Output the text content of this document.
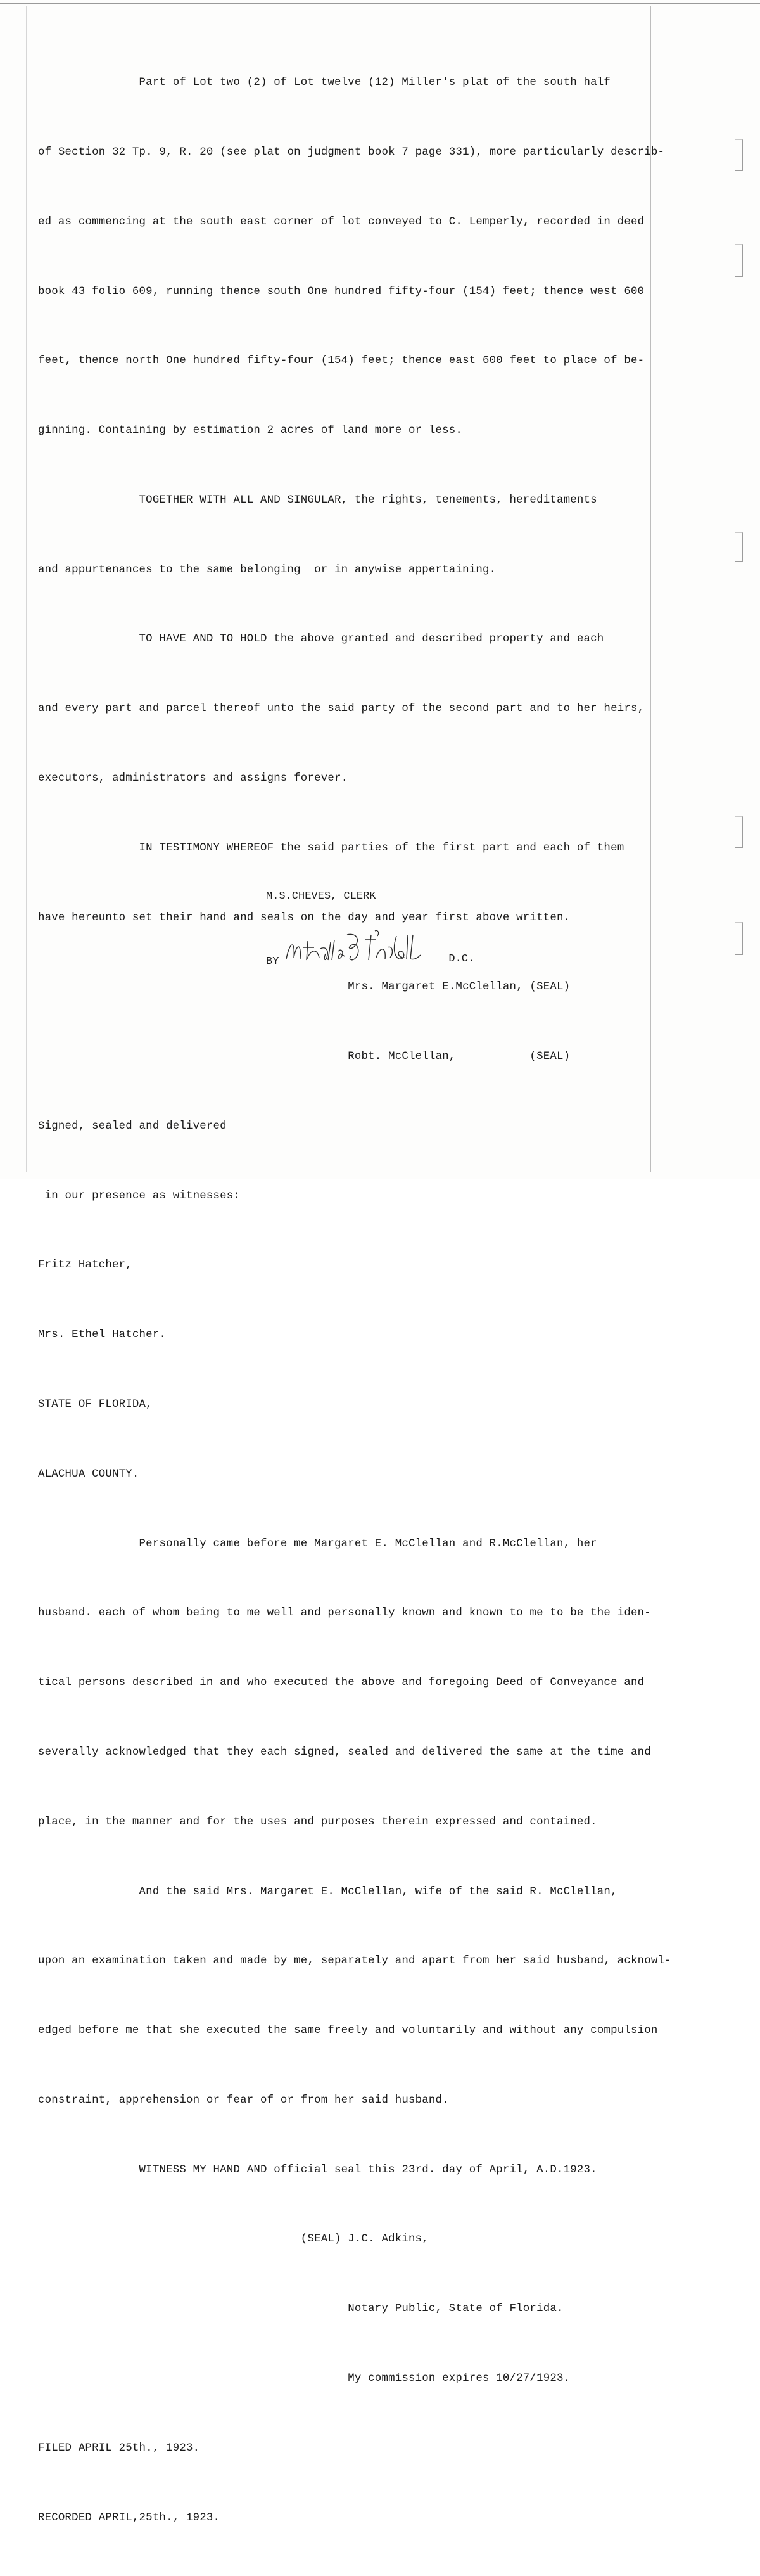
Part of Lot two (2) of Lot twelve (12) Miller's plat of the south half

of Section 32 Tp. 9, R. 20 (see plat on judgment book 7 page 331), more particularly describ-

ed as commencing at the south east corner of lot conveyed to C. Lemperly, recorded in deed

book 43 folio 609, running thence south One hundred fifty-four (154) feet; thence west 600

feet, thence north One hundred fifty-four (154) feet; thence east 600 feet to place of be-

ginning. Containing by estimation 2 acres of land more or less.

TOGETHER WITH ALL AND SINGULAR, the rights, tenements, hereditaments

and appurtenances to the same belonging  or in anywise appertaining.

TO HAVE AND TO HOLD the above granted and described property and each

and every part and parcel thereof unto the said party of the second part and to her heirs,

executors, administrators and assigns forever.

IN TESTIMONY WHEREOF the said parties of the first part and each of them

have hereunto set their hand and seals on the day and year first above written.

Mrs. Margaret E.McClellan, (SEAL)

Robt. McClellan,           (SEAL)

Signed, sealed and delivered

in our presence as witnesses:

Fritz Hatcher,

Mrs. Ethel Hatcher.

STATE OF FLORIDA,

ALACHUA COUNTY.

Personally came before me Margaret E. McClellan and R.McClellan, her

husband. each of whom being to me well and personally known and known to me to be the iden-

tical persons described in and who executed the above and foregoing Deed of Conveyance and

severally acknowledged that they each signed, sealed and delivered the same at the time and

place, in the manner and for the uses and purposes therein expressed and contained.

And the said Mrs. Margaret E. McClellan, wife of the said R. McClellan,

upon an examination taken and made by me, separately and apart from her said husband, acknowl-

edged before me that she executed the same freely and voluntarily and without any compulsion

constraint, apprehension or fear of or from her said husband.

WITNESS MY HAND AND official seal this 23rd. day of April, A.D.1923.

(SEAL) J.C. Adkins,

Notary Public, State of Florida.

My commission expires 10/27/1923.

FILED APRIL 25th., 1923.

RECORDED APRIL,25th., 1923.

M.S.CHEVES, CLERK

BY	D.C.
